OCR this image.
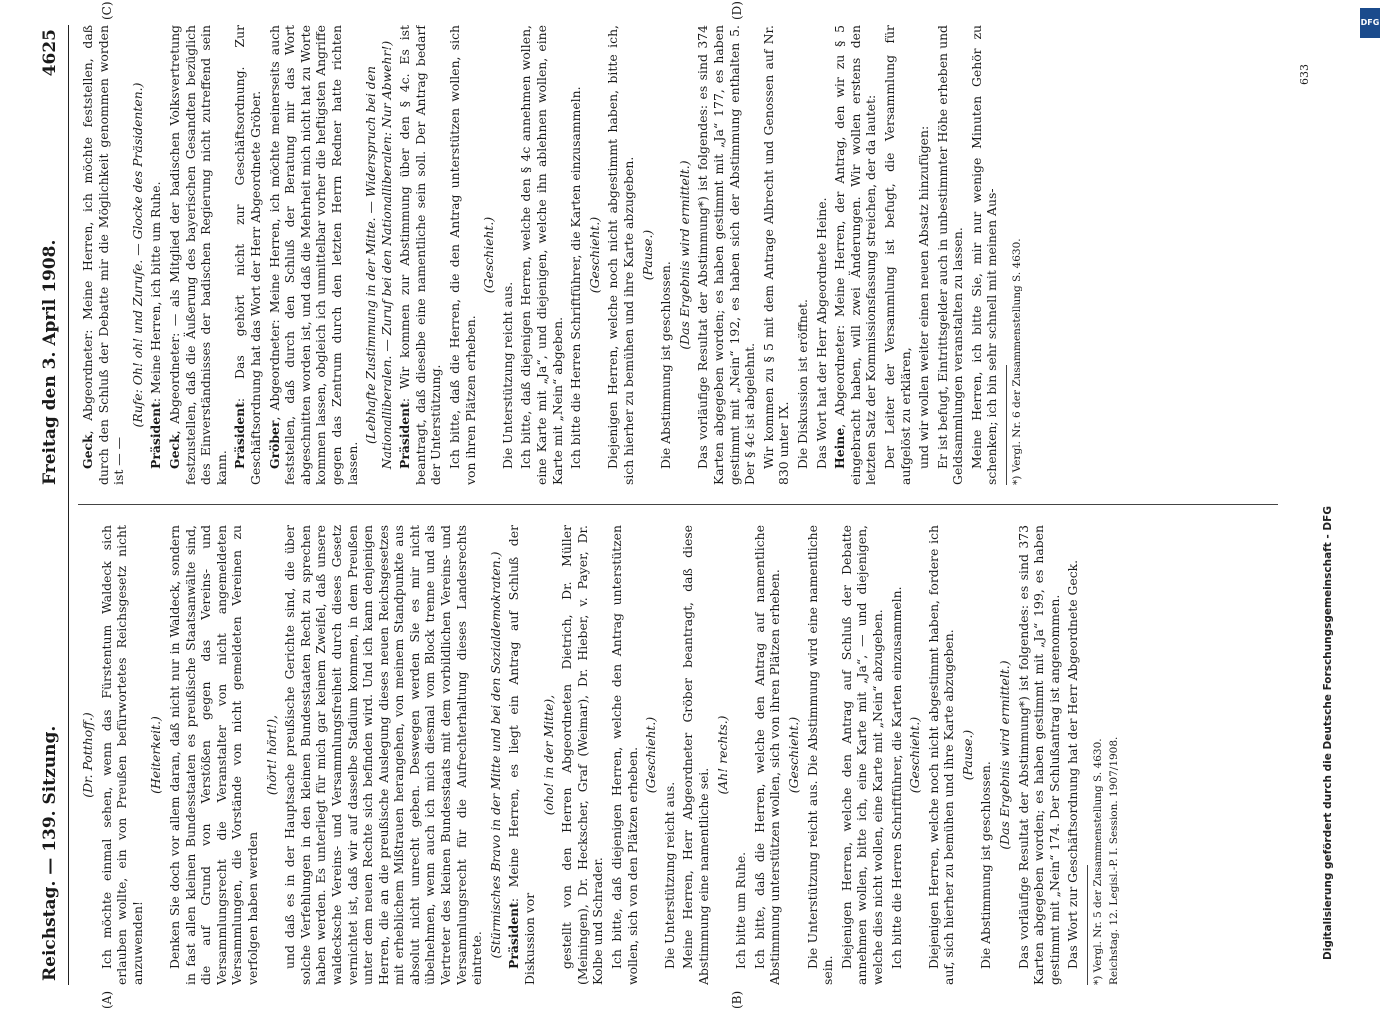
Reichstag. — 139. Sitzung.
4625
Freitag den 3. April 1908.

(Dr. Potthoff.) Ich möchte einmal sehen, wenn das Fürstentum Waldeck sich erlauben wollte, ein von Preußen befürwortetes Reichsgesetz nicht anzuwenden!

(Heiterkeit.) Denken Sie doch vor allem daran, daß nicht nur in Waldeck, sondern in fast allen kleinen Bundesstaaten es preußische Staatsanwälte sind, die auf Grund von Verstößen gegen das Vereins- und Versammlungsrecht die Veranstalter von nicht angemeldeten Versammlungen, die Vorstände von nicht gemeldeten Vereinen zu verfolgen haben werden

(hört! hört!), und daß es in der Hauptsache preußische Gerichte sind, die über solche Verfehlungen in den kleinen Bundesstaaten Recht zu sprechen haben werden. Es unterliegt für mich gar keinem Zweifel, daß unsere waldecksche Vereins- und Versammlungsfreiheit durch dieses Gesetz vernichtet ist, daß wir auf dasselbe Stadium kommen, in dem Preußen unter dem neuen Rechte sich befinden wird. Und ich kann denjenigen Herren, die an die preußische Auslegung dieses neuen Reichsgesetzes mit erheblichem Mißtrauen herangehen, von meinem Standpunkte aus absolut nicht unrecht geben. Deswegen werden Sie es mir nicht übelnehmen, wenn auch ich mich diesmal vom Block trenne und als Vertreter des kleinen Bundesstaats mit dem vorbildlichen Vereins- und Versammlungsrecht für die Aufrechterhaltung dieses Landesrechts eintrete. (Stürmisches Bravo in der Mitte und bei den Sozialdemokraten.) Präsident: Meine Herren, es liegt ein Antrag auf Schluß der Diskussion vor

(oho! in der Mitte), gestellt von den Herren Abgeordneten Dietrich, Dr. Müller (Meiningen), Dr. Heckscher, Graf (Weimar), Dr. Hieber, v. Payer, Dr. Kolbe und Schrader. Ich bitte, daß diejenigen Herren, welche den Antrag unterstützen wollen, sich von den Plätzen erheben. (Geschieht.)

Die Unterstützung reicht aus. Meine Herren, Herr Abgeordneter Gröber beantragt, daß diese Abstimmung eine namentliche sei.

(Ah! rechts.)

Ich bitte um Ruhe. Ich bitte, daß die Herren, welche den Antrag auf namentliche Abstimmung unterstützen wollen, sich von ihren Plätzen erheben. (Geschieht.) Die Unterstützung reicht aus. Die Abstimmung wird eine namentliche sein.

Diejenigen Herren, welche den Antrag auf Schluß der Debatte annehmen wollen, bitte ich, eine Karte mit „Ja“, — und diejenigen, welche dies nicht wollen, eine Karte mit „Nein“ abzugeben. Ich bitte die Herren Schriftführer, die Karten einzusammeln. (Geschieht.) Diejenigen Herren, welche noch nicht abgestimmt haben, fordere ich auf, sich hierher zu bemühen und ihre Karte abzugeben. (Pause.)

Die Abstimmung ist geschlossen.

(Das Ergebnis wird ermittelt.) Das vorläufige Resultat der Abstimmung*) ist folgendes: es sind 373 Karten abgegeben worden; es haben gestimmt mit „Ja“ 199, es haben gestimmt mit „Nein“ 174. Der Schlußantrag ist angenommen. Das Wort zur Geschäftsordnung hat der Herr Abgeordnete Geck. *) Vergl. Nr. 5 der Zusammenstellung S. 4630. Reichstag. 12. Legisl.-P. I. Session. 1907/1908.

Geck, Abgeordneter: Meine Herren, ich möchte feststellen, daß durch den Schluß der Debatte mir die Möglichkeit genommen worden ist — —

(Rufe: Oh! oh! und Zurufe. — Glocke des Präsidenten.)

Präsident: Meine Herren, ich bitte um Ruhe.

Geck, Abgeordneter: — als Mitglied der badischen Volksvertretung festzustellen, daß die Äußerung des bayerischen Gesandten bezüglich des Einverständnisses der badischen Regierung nicht zutreffend sein kann. Präsident: Das gehört nicht zur Geschäftsordnung. Zur Geschäftsordnung hat das Wort der Herr Abgeordnete Gröber. Gröber, Abgeordneter: Meine Herren, ich möchte meinerseits auch feststellen, daß durch den Schluß der Beratung mir das Wort abgeschnitten worden ist, und daß die Mehrheit mich nicht hat zu Worte kommen lassen, obgleich ich unmittelbar vorher die heftigsten Angriffe gegen das Zentrum durch den letzten Herrn Redner hatte richten lassen.

(Lebhafte Zustimmung in der Mitte. — Widerspruch bei den Nationalliberalen. — Zuruf bei den Nationalliberalen: Nur Abwehr!) Präsident: Wir kommen zur Abstimmung über den § 4c. Es ist beantragt, daß dieselbe eine namentliche sein soll. Der Antrag bedarf der Unterstützung. Ich bitte, daß die Herren, die den Antrag unterstützen wollen, sich von ihren Plätzen erheben.

(Geschieht.)

Die Unterstützung reicht aus. Ich bitte, daß diejenigen Herren, welche den § 4c annehmen wollen, eine Karte mit „Ja“, und diejenigen, welche ihn ablehnen wollen, eine Karte mit „Nein“ abgeben. Ich bitte die Herren Schriftführer, die Karten einzusammeln. (Geschieht.) Diejenigen Herren, welche noch nicht abgestimmt haben, bitte ich, sich hierher zu bemühen und ihre Karte abzugeben. (Pause.)

Die Abstimmung ist geschlossen.

(Das Ergebnis wird ermittelt.) Das vorläufige Resultat der Abstimmung*) ist folgendes: es sind 374 Karten abgegeben worden; es haben gestimmt mit „Ja“ 177, es haben gestimmt mit „Nein“ 192, es haben sich der Abstimmung enthalten 5. Der § 4c ist abgelehnt. Wir kommen zu § 5 mit dem Antrage Albrecht und Genossen auf Nr. 830 unter IX. Die Diskussion ist eröffnet. Das Wort hat der Herr Abgeordnete Heine. Heine, Abgeordneter: Meine Herren, der Antrag, den wir zu § 5 eingebracht haben, will zwei Änderungen. Wir wollen erstens den letzten Satz der Kommissionsfassung streichen, der da lautet: Der Leiter der Versammlung ist befugt, die Versammlung für aufgelöst zu erklären, und wir wollen weiter einen neuen Absatz hinzufügen: Er ist befugt, Eintrittsgelder auch in unbestimmter Höhe erheben und Geldsammlungen veranstalten zu lassen. Meine Herren, ich bitte Sie, mir nur wenige Minuten Gehör zu schenken; ich bin sehr schnell mit meinen Aus- *) Vergl. Nr. 6 der Zusammenstellung S. 4630.

(A)	(B)
(C)	(D)
633
Digitalisierung gefördert durch die Deutsche Forschungsgemeinschaft - DFG
DFG
